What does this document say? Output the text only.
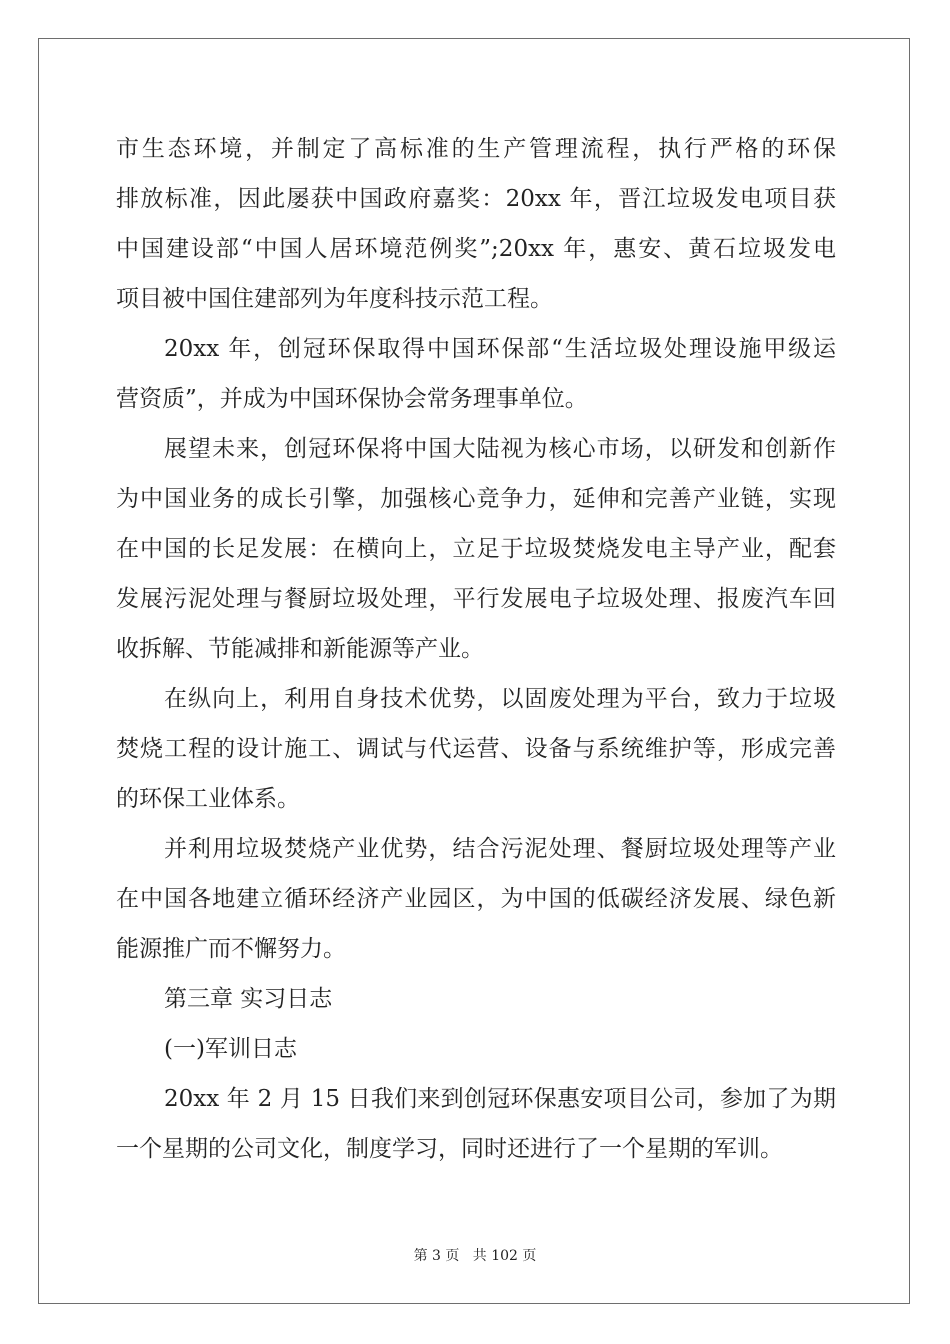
市生态环境，并制定了高标准的生产管理流程，执行严格的环保
排放标准，因此屡获中国政府嘉奖：20xx 年，晋江垃圾发电项目获
中国建设部“中国人居环境范例奖”;20xx 年，惠安、黄石垃圾发电
项目被中国住建部列为年度科技示范工程。

20xx 年，创冠环保取得中国环保部“生活垃圾处理设施甲级运
营资质”，并成为中国环保协会常务理事单位。

展望未来，创冠环保将中国大陆视为核心市场，以研发和创新作
为中国业务的成长引擎，加强核心竞争力，延伸和完善产业链，实现
在中国的长足发展：在横向上，立足于垃圾焚烧发电主导产业，配套
发展污泥处理与餐厨垃圾处理，平行发展电子垃圾处理、报废汽车回
收拆解、节能减排和新能源等产业。

在纵向上，利用自身技术优势，以固废处理为平台，致力于垃圾
焚烧工程的设计施工、调试与代运营、设备与系统维护等，形成完善
的环保工业体系。

并利用垃圾焚烧产业优势，结合污泥处理、餐厨垃圾处理等产业
在中国各地建立循环经济产业园区，为中国的低碳经济发展、绿色新
能源推广而不懈努力。

第三章 实习日志

(一)军训日志

20xx 年 2 月 15 日我们来到创冠环保惠安项目公司，参加了为期
一个星期的公司文化，制度学习，同时还进行了一个星期的军训。

第 3 页 共 102 页
